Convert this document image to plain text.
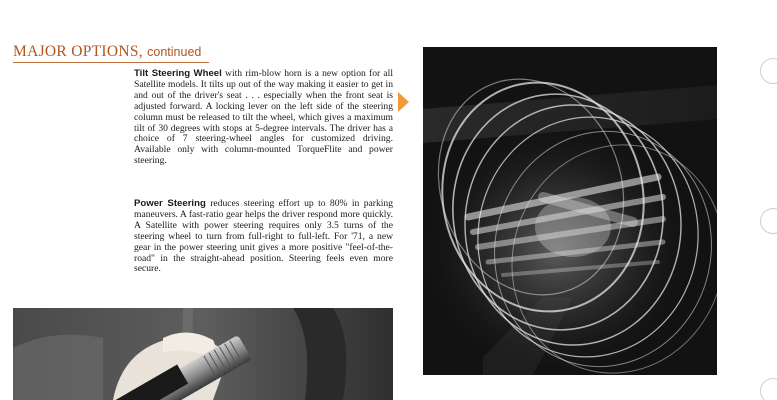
MAJOR OPTIONS, continued
Tilt Steering Wheel with rim-blow horn is a new option for all Satellite models. It tilts up out of the way making it easier to get in and out of the driver's seat . . . especially when the front seat is adjusted forward. A locking lever on the left side of the steering column must be released to tilt the wheel, which gives a maximum tilt of 30 degrees with stops at 5-degree intervals. The driver has a choice of 7 steering-wheel angles for customized driving. Available only with column-mounted TorqueFlite and power steering.
Power Steering reduces steering effort up to 80% in parking maneuvers. A fast-ratio gear helps the driver respond more quickly. A Satellite with power steering requires only 3.5 turns of the steering wheel to turn from full-right to full-left. For '71, a new gear in the power steering unit gives a more positive "feel-of-the-road" in the straight-ahead position. Steering feels even more secure.
